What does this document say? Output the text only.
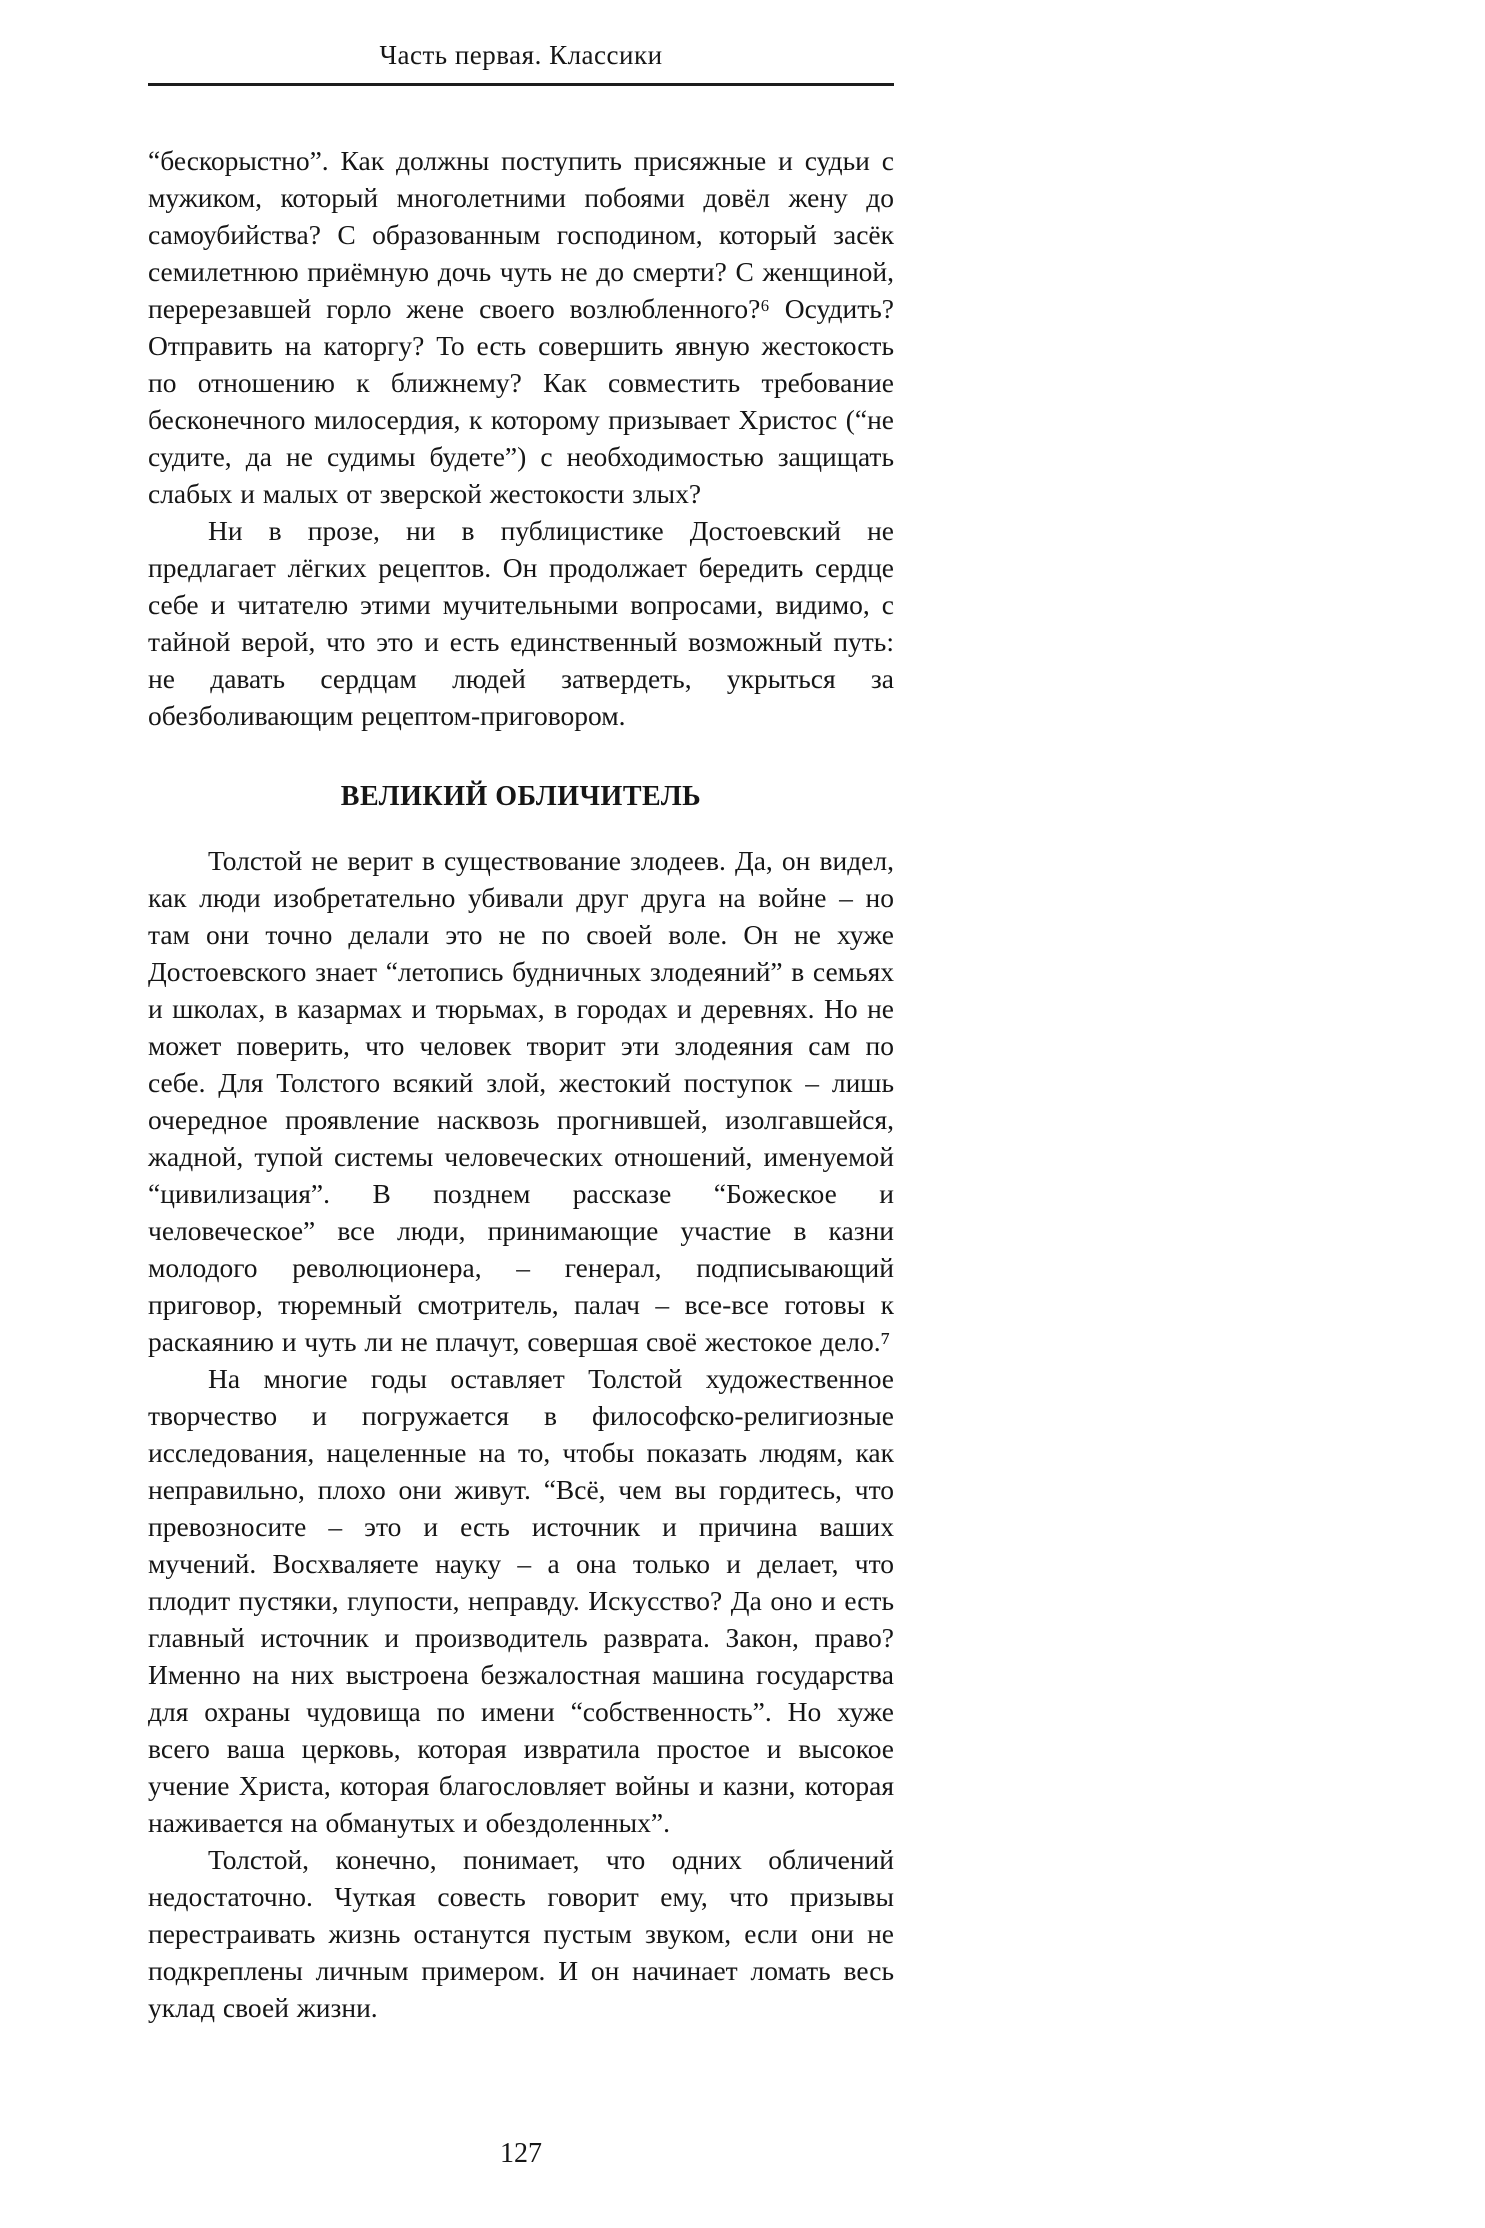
Часть первая. Классики

“бескорыстно”. Как должны поступить присяжные и судьи с мужиком, который многолетними побоями довёл жену до самоубийства? С образованным господином, который засёк семилетнюю приёмную дочь чуть не до смерти? С женщиной, перерезавшей горло жене своего возлюбленного?⁶ Осудить? Отправить на каторгу? То есть совершить явную жестокость по отношению к ближнему? Как совместить требование бесконечного милосердия, к которому призывает Христос (“не судите, да не судимы будете”) с необходимостью защищать слабых и малых от зверской жестокости злых?

Ни в прозе, ни в публицистике Достоевский не предлагает лёгких рецептов. Он продолжает бередить сердце себе и читателю этими мучительными вопросами, видимо, с тайной верой, что это и есть единственный возможный путь: не давать сердцам людей затвердеть, укрыться за обезболивающим рецептом-приговором.

ВЕЛИКИЙ ОБЛИЧИТЕЛЬ

Толстой не верит в существование злодеев. Да, он видел, как люди изобретательно убивали друг друга на войне – но там они точно делали это не по своей воле. Он не хуже Достоевского знает “летопись будничных злодеяний” в семьях и школах, в казармах и тюрьмах, в городах и деревнях. Но не может поверить, что человек творит эти злодеяния сам по себе. Для Толстого всякий злой, жестокий поступок – лишь очередное проявление насквозь прогнившей, изолгавшейся, жадной, тупой системы человеческих отношений, именуемой “цивилизация”. В позднем рассказе “Божеское и человеческое” все люди, принимающие участие в казни молодого революционера, – генерал, подписывающий приговор, тюремный смотритель, палач – все-все готовы к раскаянию и чуть ли не плачут, совершая своё жестокое дело.⁷

На многие годы оставляет Толстой художественное творчество и погружается в философско-религиозные исследования, нацеленные на то, чтобы показать людям, как неправильно, плохо они живут. “Всё, чем вы гордитесь, что превозносите – это и есть источник и причина ваших мучений. Восхваляете науку – а она только и делает, что плодит пустяки, глупости, неправду. Искусство? Да оно и есть главный источник и производитель разврата. Закон, право? Именно на них выстроена безжалостная машина государства для охраны чудовища по имени “собственность”. Но хуже всего ваша церковь, которая извратила простое и высокое учение Христа, которая благословляет войны и казни, которая наживается на обманутых и обездоленных”.

Толстой, конечно, понимает, что одних обличений недостаточно. Чуткая совесть говорит ему, что призывы перестраивать жизнь останутся пустым звуком, если они не подкреплены личным примером. И он начинает ломать весь уклад своей жизни.

127
